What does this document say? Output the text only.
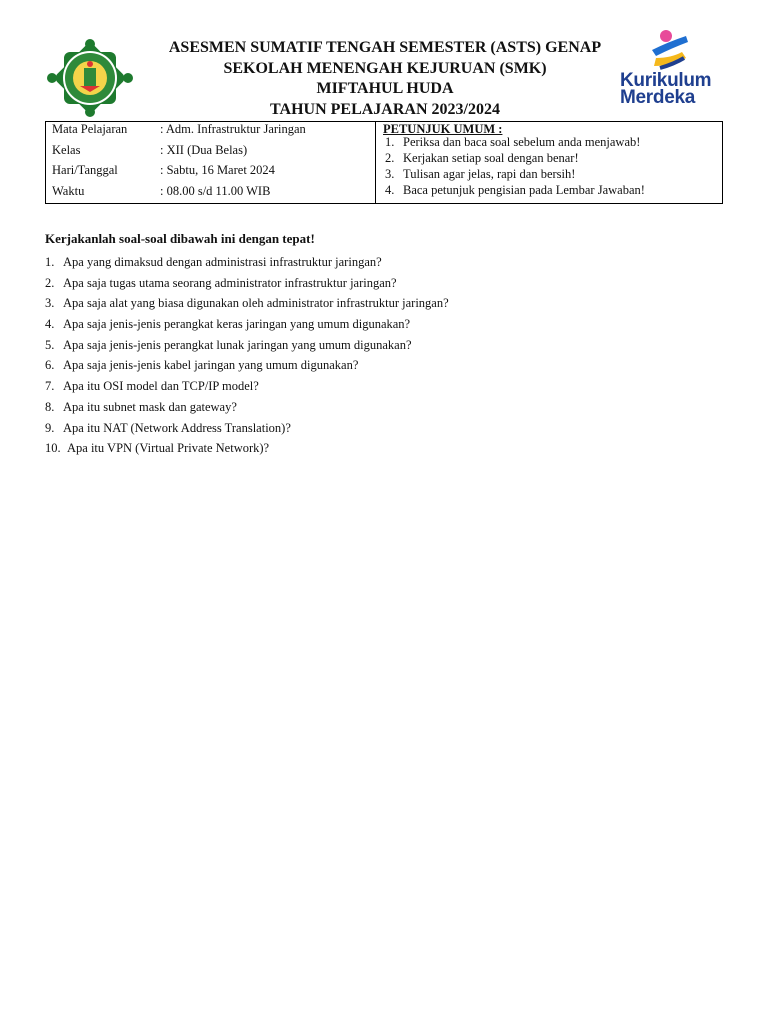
ASESMEN SUMATIF TENGAH SEMESTER (ASTS) GENAP
SEKOLAH MENENGAH KEJURUAN (SMK)
MIFTAHUL HUDA
TAHUN PELAJARAN 2023/2024
Kurikulum
Merdeka
Mata Pelajaran	: Adm. Infrastruktur Jaringan
Kelas	: XII (Dua Belas)
Hari/Tanggal	: Sabtu, 16 Maret 2024
Waktu	: 08.00 s/d 11.00 WIB
PETUNJUK UMUM :
1. Periksa dan baca soal sebelum anda menjawab!
2. Kerjakan setiap soal dengan benar!
3. Tulisan agar jelas, rapi dan bersih!
4. Baca petunjuk pengisian pada Lembar Jawaban!
Kerjakanlah soal-soal dibawah ini dengan tepat!
1. Apa yang dimaksud dengan administrasi infrastruktur jaringan?
2. Apa saja tugas utama seorang administrator infrastruktur jaringan?
3. Apa saja alat yang biasa digunakan oleh administrator infrastruktur jaringan?
4. Apa saja jenis-jenis perangkat keras jaringan yang umum digunakan?
5. Apa saja jenis-jenis perangkat lunak jaringan yang umum digunakan?
6. Apa saja jenis-jenis kabel jaringan yang umum digunakan?
7. Apa itu OSI model dan TCP/IP model?
8. Apa itu subnet mask dan gateway?
9. Apa itu NAT (Network Address Translation)?
10. Apa itu VPN (Virtual Private Network)?
